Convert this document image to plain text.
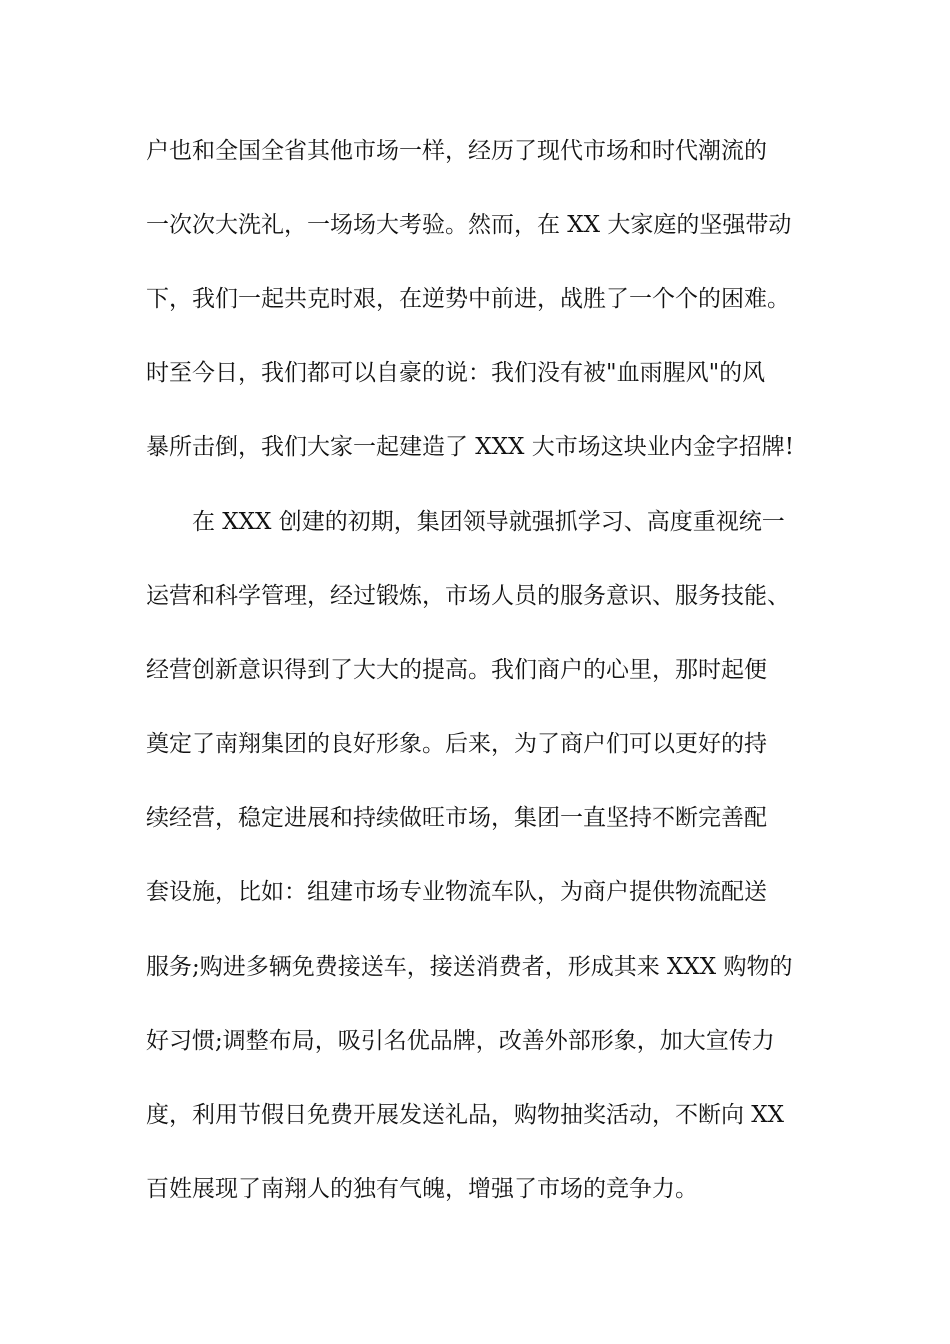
户也和全国全省其他市场一样，经历了现代市场和时代潮流的
一次次大洗礼，一场场大考验。然而，在 XX 大家庭的坚强带动
下，我们一起共克时艰，在逆势中前进，战胜了一个个的困难。
时至今日，我们都可以自豪的说：我们没有被"血雨腥风"的风
暴所击倒，我们大家一起建造了 XXX 大市场这块业内金字招牌!
在 XXX 创建的初期，集团领导就强抓学习、高度重视统一
运营和科学管理，经过锻炼，市场人员的服务意识、服务技能、
经营创新意识得到了大大的提高。我们商户的心里，那时起便
奠定了南翔集团的良好形象。后来，为了商户们可以更好的持
续经营，稳定进展和持续做旺市场，集团一直坚持不断完善配
套设施，比如：组建市场专业物流车队，为商户提供物流配送
服务;购进多辆免费接送车，接送消费者，形成其来 XXX 购物的
好习惯;调整布局，吸引名优品牌，改善外部形象，加大宣传力
度，利用节假日免费开展发送礼品，购物抽奖活动，不断向 XX
百姓展现了南翔人的独有气魄，增强了市场的竞争力。
